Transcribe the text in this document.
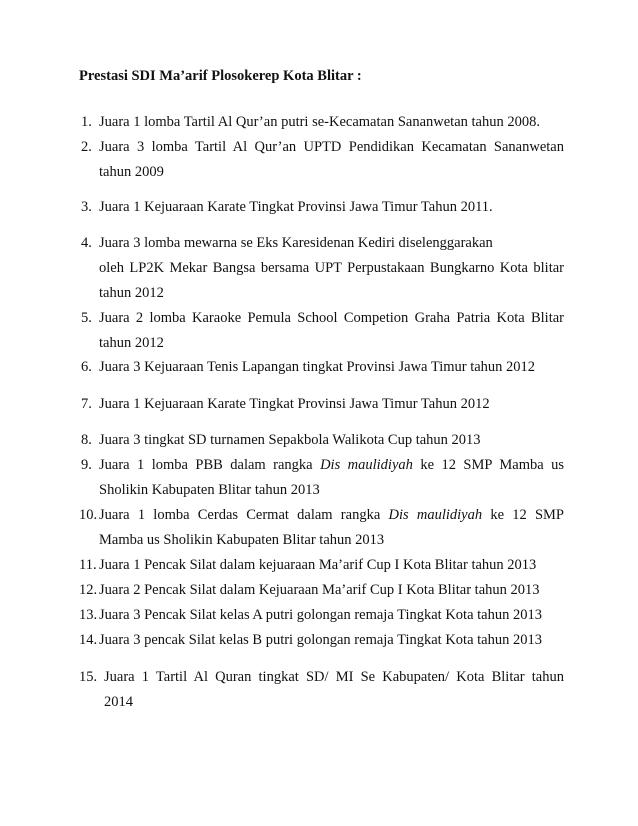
Prestasi SDI Ma’arif Plosokerep Kota Blitar :
1. Juara 1 lomba Tartil Al Qur’an putri se-Kecamatan Sananwetan tahun 2008.
2. Juara 3 lomba Tartil Al Qur’an UPTD Pendidikan Kecamatan Sananwetan
tahun 2009
3. Juara 1 Kejuaraan Karate Tingkat Provinsi Jawa Timur Tahun 2011.
4. Juara 3 lomba mewarna se Eks Karesidenan Kediri diselenggarakan
oleh LP2K Mekar Bangsa bersama UPT Perpustakaan Bungkarno Kota blitar
tahun 2012
5. Juara 2 lomba Karaoke Pemula School Competion Graha Patria Kota Blitar
tahun 2012
6. Juara 3 Kejuaraan Tenis Lapangan tingkat Provinsi Jawa Timur tahun 2012
7. Juara 1 Kejuaraan Karate Tingkat Provinsi Jawa Timur Tahun 2012
8. Juara 3 tingkat SD turnamen Sepakbola Walikota Cup tahun 2013
9. Juara 1 lomba PBB dalam rangka Dis maulidiyah ke 12 SMP Mamba us
Sholikin Kabupaten Blitar tahun 2013
10. Juara 1 lomba Cerdas Cermat dalam rangka Dis maulidiyah ke 12 SMP
Mamba us Sholikin Kabupaten Blitar tahun 2013
11. Juara 1 Pencak Silat dalam kejuaraan Ma’arif Cup I Kota Blitar tahun 2013
12. Juara 2 Pencak Silat dalam Kejuaraan Ma’arif Cup I Kota Blitar tahun 2013
13. Juara 3 Pencak Silat kelas A putri golongan remaja Tingkat Kota tahun 2013
14. Juara 3 pencak Silat kelas B putri golongan remaja Tingkat Kota tahun 2013
15. Juara 1 Tartil Al Quran tingkat SD/ MI Se Kabupaten/ Kota Blitar tahun
2014
